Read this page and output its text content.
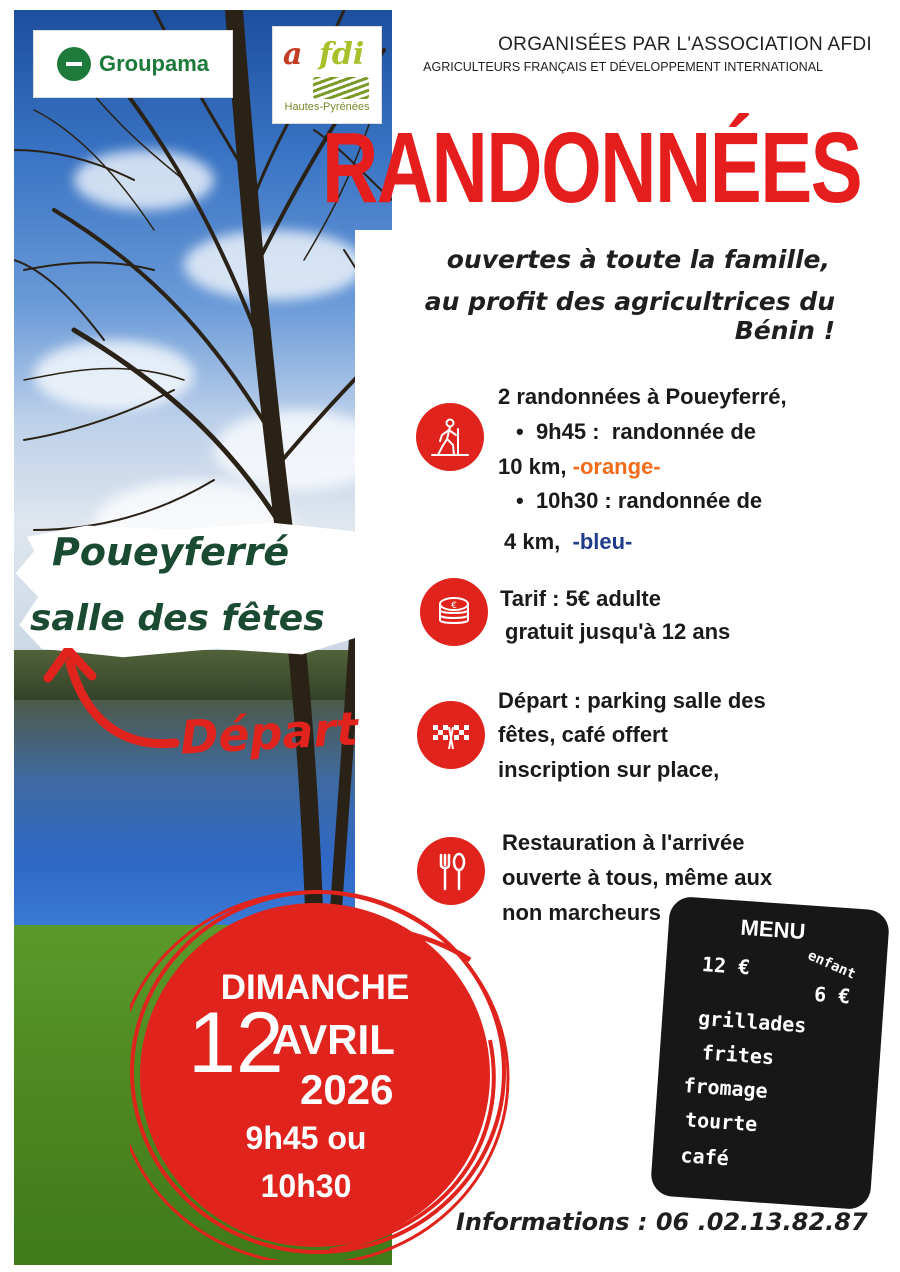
Groupama a fdi
Hautes-Pyrénées
ORGANISÉES PAR L'ASSOCIATION AFDI
AGRICULTEURS FRANÇAIS ET DÉVELOPPEMENT INTERNATIONAL
RANDONNÉES
ouvertes à toute la famille,
au profit des agricultrices du Bénin !
Poueyferré
salle des fêtes
Départ
€
2 randonnées à Poueyferré,
• 9h45 : randonnée de
10 km, -orange-
• 10h30 : randonnée de
4 km, -bleu-
Tarif : 5€ adulte
gratuit jusqu'à 12 ans
Départ : parking salle des
fêtes, café offert
inscription sur place,
Restauration à l'arrivée
ouverte à tous, même aux
non marcheurs
DIMANCHE
12
AVRIL
2026
9h45 ou
10h30
MENU
12 €	enfant
6 €
grillades
frites
fromage
tourte
café
Informations : 06 .02.13.82.87
